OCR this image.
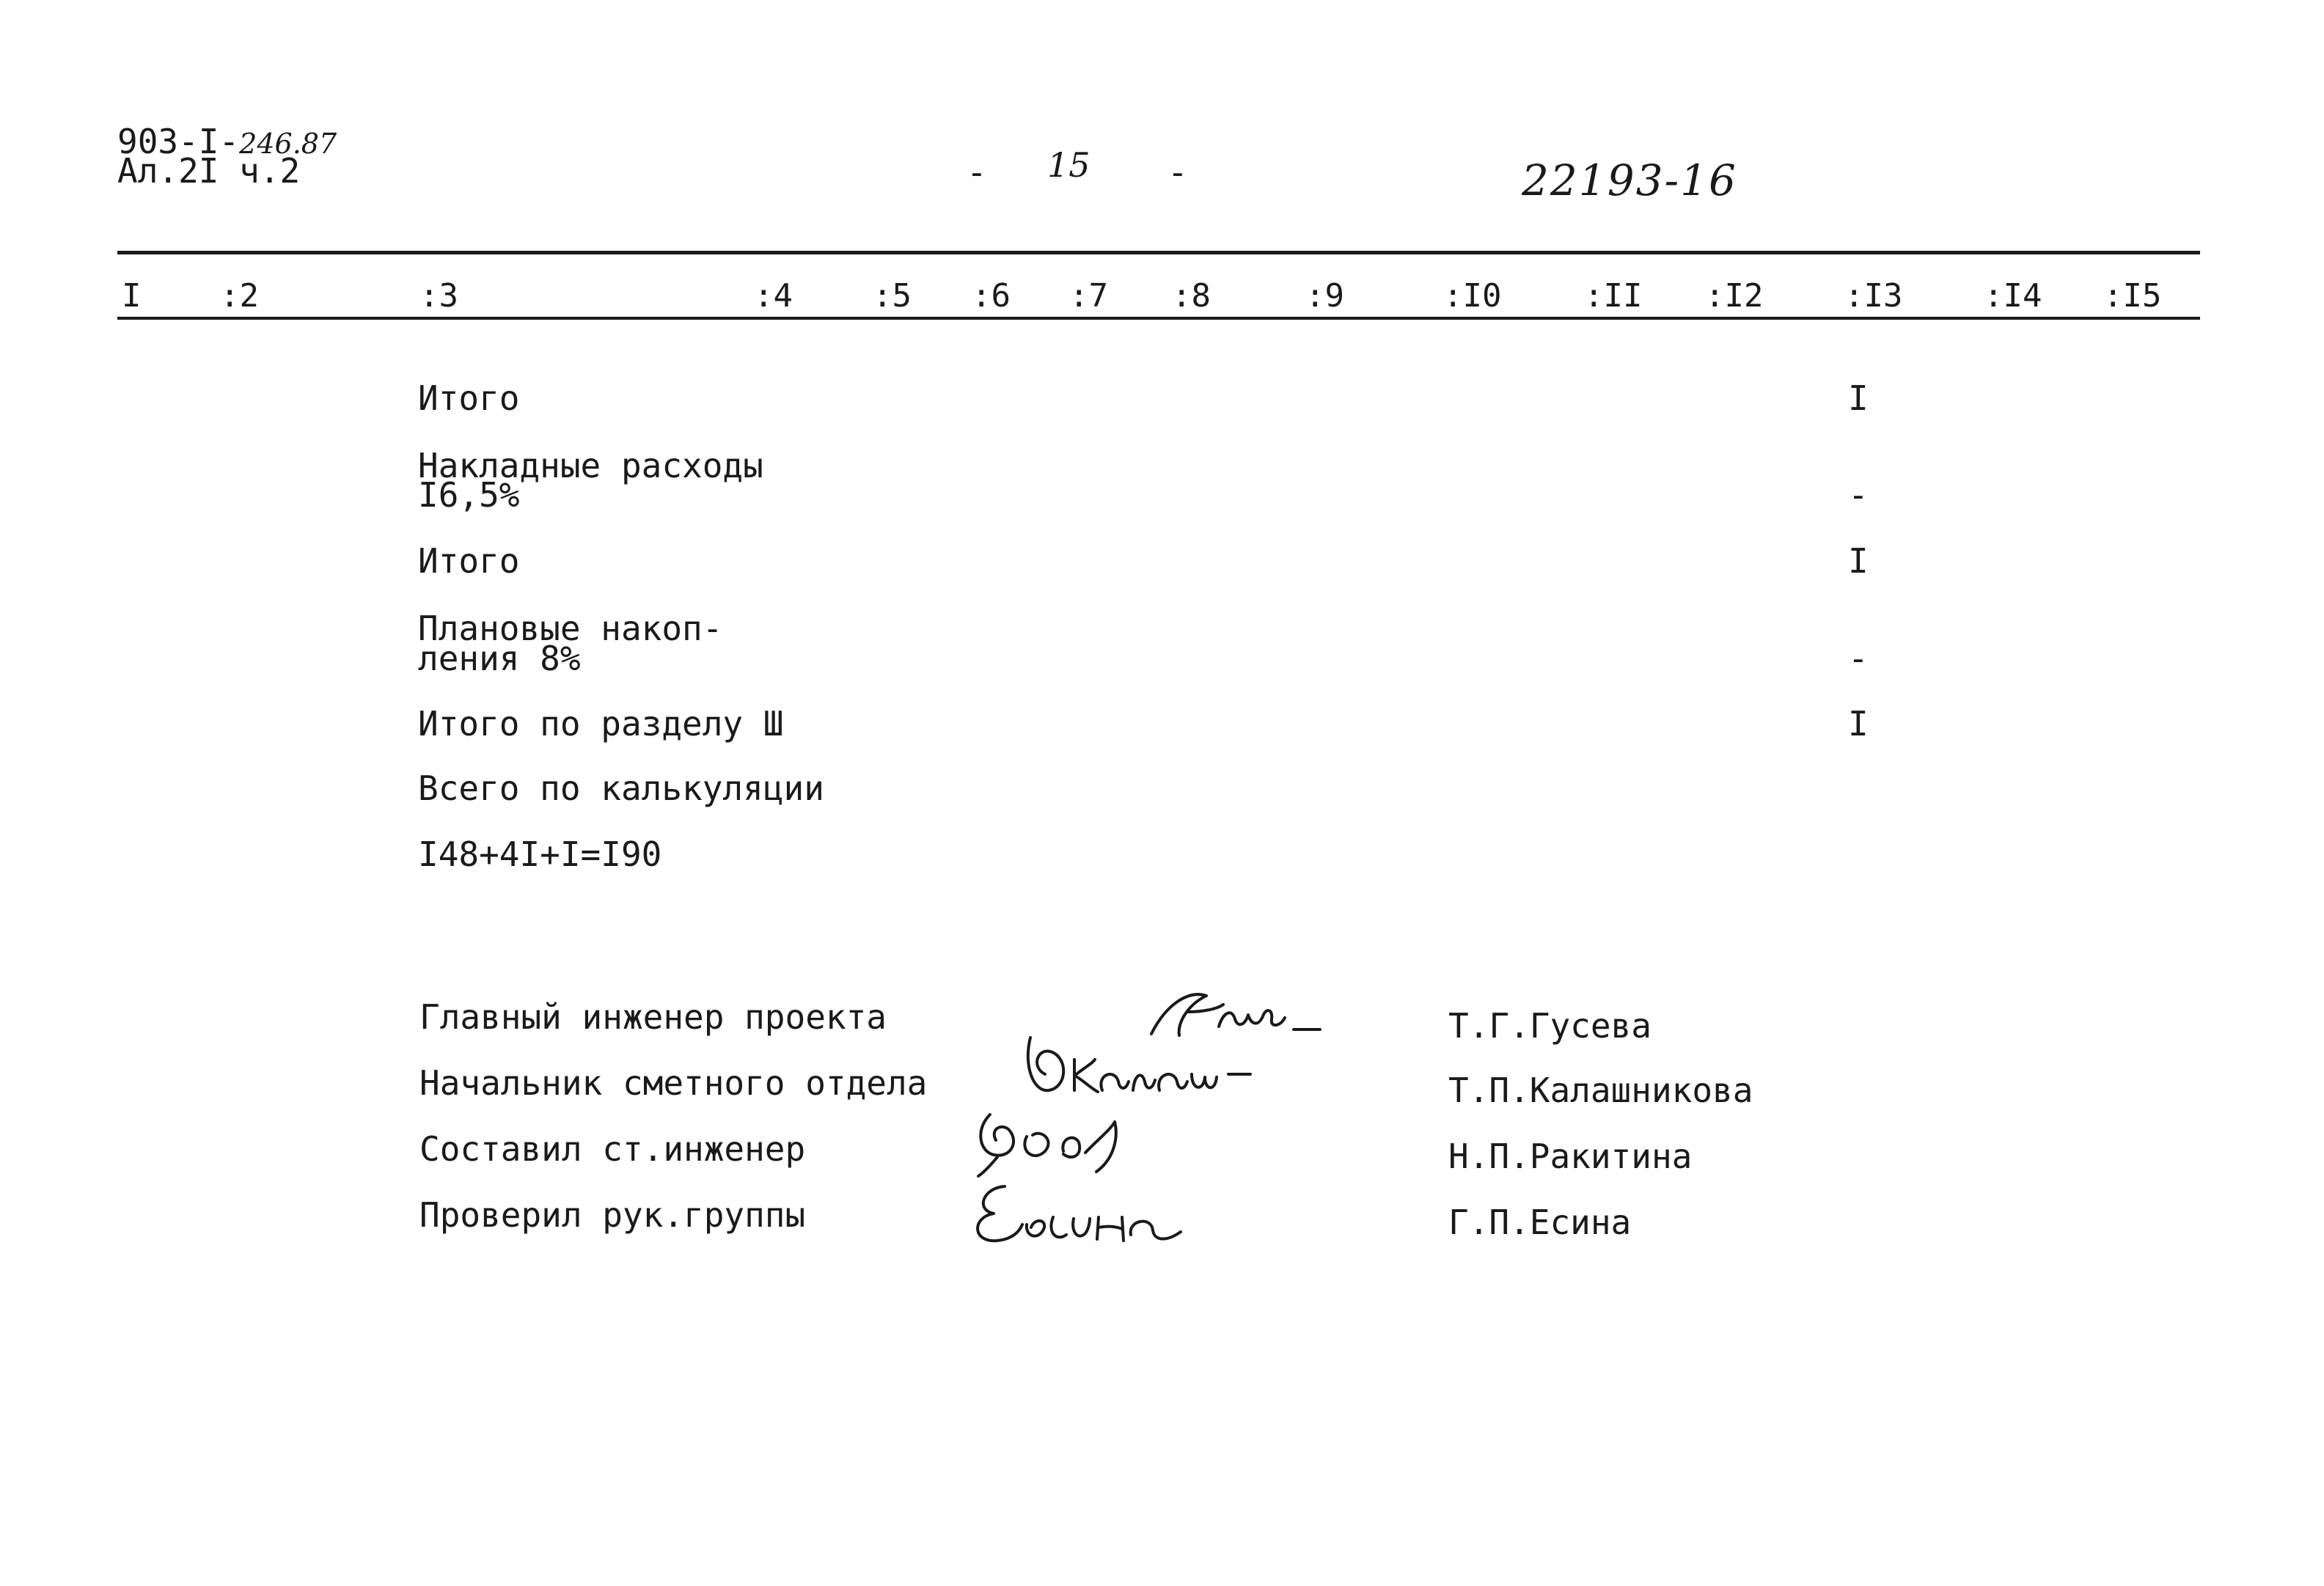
903-I-246.87
Ал.2I ч.2	- 15 -	22193-16
I :2	:3	:4 :5 :6 :7 :8	:9	:I0	:II :I2	:I3	:I4 :I5
Итого	I
Накладные расходы
I6,5%	-
Итого	I
Плановые накоп-
ления 8%	-
Итого по разделу Ш	I
Всего по калькуляции
I48+4I+I=I90
Главный инженер проекта	Т.Г.Гусева
Начальник сметного отдела	Т.П.Калашникова
Составил ст.инженер	Н.П.Ракитина
Проверил рук.группы	Г.П.Есина
